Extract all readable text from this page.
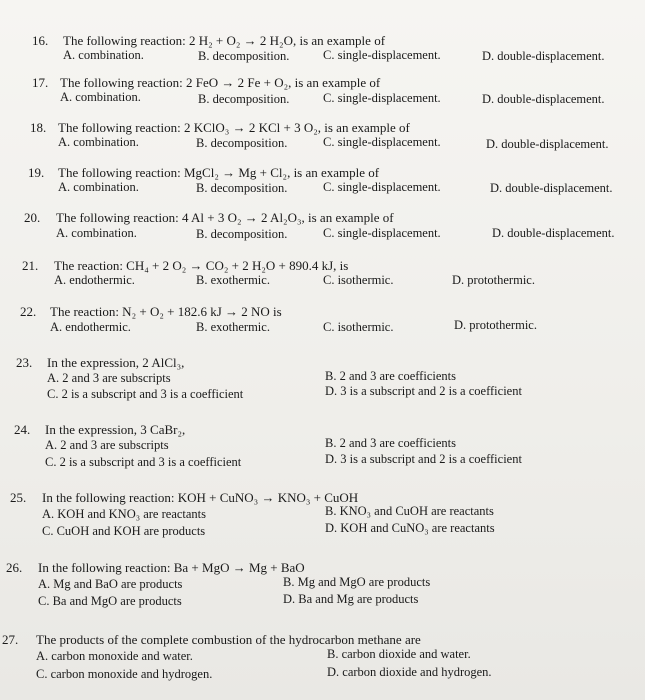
16. The following reaction: 2 H₂ + O₂ → 2 H₂O, is an example of
A. combination.	B. decomposition.	C. single-displacement.	D. double-displacement.
17. The following reaction: 2 FeO → 2 Fe + O₂, is an example of
A. combination.	B. decomposition.	C. single-displacement.	D. double-displacement.
18. The following reaction: 2 KClO₃ → 2 KCl + 3 O₂, is an example of
A. combination.	B. decomposition.	C. single-displacement.	D. double-displacement.
19. The following reaction: MgCl₂ → Mg + Cl₂, is an example of
A. combination.	B. decomposition.	C. single-displacement.	D. double-displacement.
20. The following reaction: 4 Al + 3 O₂ → 2 Al₂O₃, is an example of
A. combination.	B. decomposition.	C. single-displacement.	D. double-displacement.
21. The reaction: CH₄ + 2 O₂ → CO₂ + 2 H₂O + 890.4 kJ, is
A. endothermic.	B. exothermic.	C. isothermic.	D. protothermic.
22. The reaction: N₂ + O₂ + 182.6 kJ → 2 NO is
A. endothermic.	B. exothermic.	C. isothermic.	D. protothermic.
23. In the expression, 2 AlCl₃,
A. 2 and 3 are subscripts	B. 2 and 3 are coefficients
C. 2 is a subscript and 3 is a coefficient	D. 3 is a subscript and 2 is a coefficient
24. In the expression, 3 CaBr₂,
A. 2 and 3 are subscripts	B. 2 and 3 are coefficients
C. 2 is a subscript and 3 is a coefficient	D. 3 is a subscript and 2 is a coefficient
25. In the following reaction: KOH + CuNO₃ → KNO₃ + CuOH
A. KOH and KNO₃ are reactants	B. KNO₃ and CuOH are reactants
C. CuOH and KOH are products	D. KOH and CuNO₃ are reactants
26. In the following reaction: Ba + MgO → Mg + BaO
A. Mg and BaO are products	B. Mg and MgO are products
C. Ba and MgO are products	D. Ba and Mg are products
27. The products of the complete combustion of the hydrocarbon methane are
A. carbon monoxide and water.	B. carbon dioxide and water.
C. carbon monoxide and hydrogen.	D. carbon dioxide and hydrogen.
